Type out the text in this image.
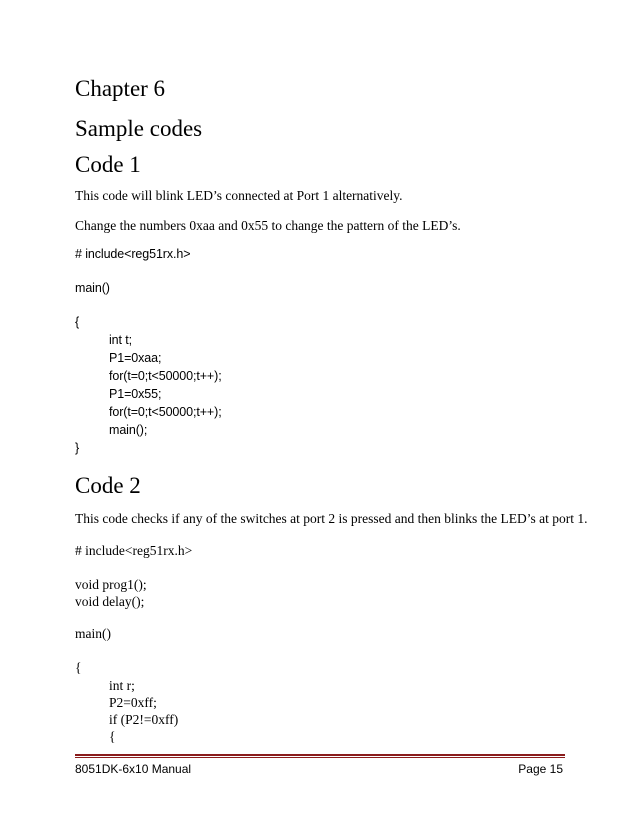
Chapter 6
Sample codes
Code 1
This code will blink LED’s connected at Port 1 alternatively.
Change the numbers 0xaa and 0x55 to change the pattern of the LED’s.
# include<reg51rx.h>
main()
{
int t;
P1=0xaa;
for(t=0;t<50000;t++);
P1=0x55;
for(t=0;t<50000;t++);
main();
}
Code 2
This code checks if any of the switches at port 2 is pressed and then blinks the LED’s at port 1.
# include<reg51rx.h>
void prog1();
void delay();
main()
{
int r;
P2=0xff;
if (P2!=0xff)
{
8051DK-6x10 Manual	Page 15
